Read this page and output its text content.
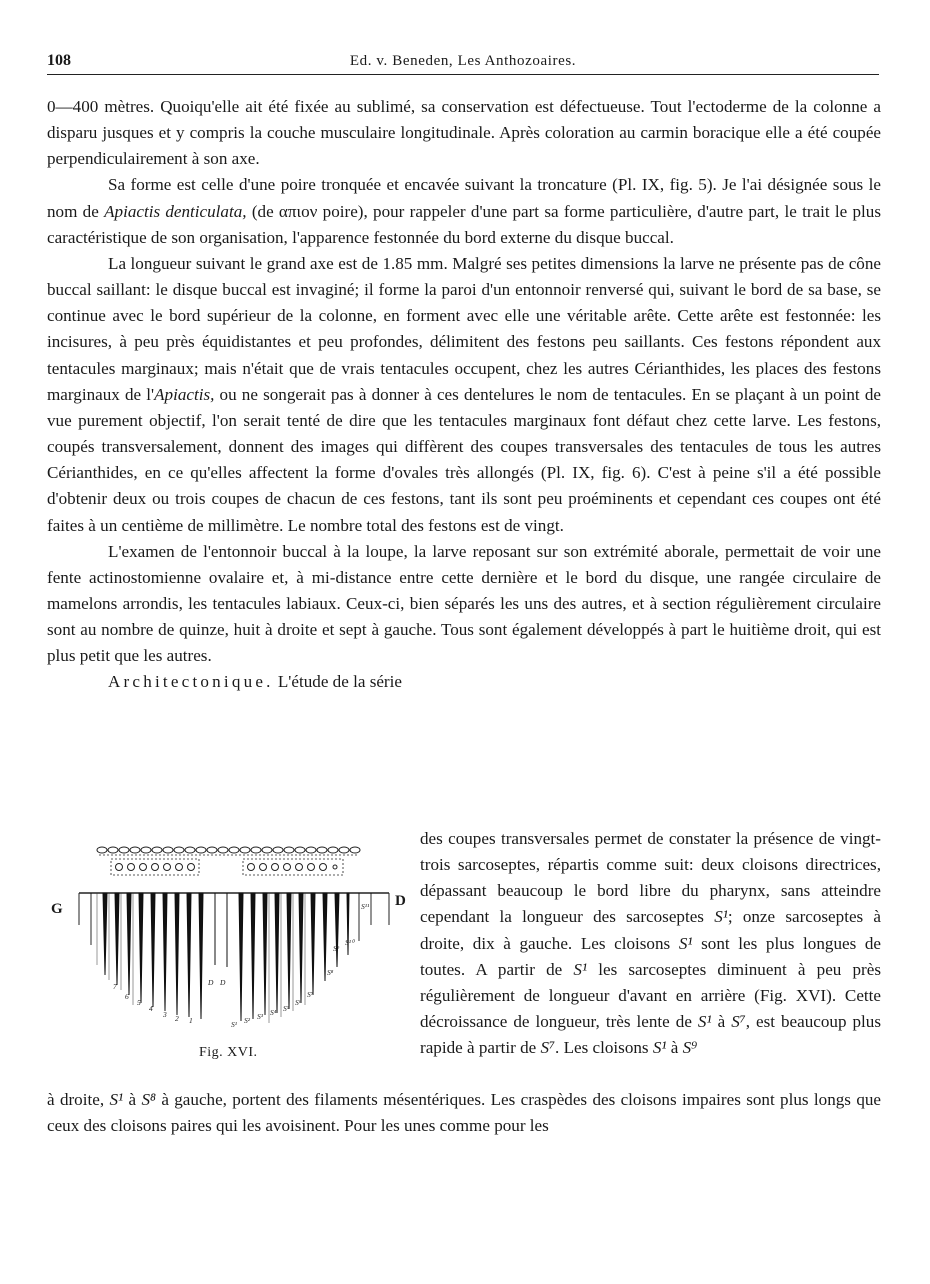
108	Ed. v. Beneden, Les Anthozoaires.

0—400 mètres. Quoiqu'elle ait été fixée au sublimé, sa conservation est défectueuse. Tout l'ectoderme de la colonne a disparu jusques et y compris la couche musculaire longitudinale. Après coloration au carmin boracique elle a été coupée perpendiculairement à son axe.

Sa forme est celle d'une poire tronquée et encavée suivant la troncature (Pl. IX, fig. 5). Je l'ai désignée sous le nom de Apiactis denticulata, (de απιον poire), pour rappeler d'une part sa forme particulière, d'autre part, le trait le plus caractéristique de son organisation, l'apparence festonnée du bord externe du disque buccal.

La longueur suivant le grand axe est de 1.85 mm. Malgré ses petites dimensions la larve ne présente pas de cône buccal saillant: le disque buccal est invaginé; il forme la paroi d'un entonnoir renversé qui, suivant le bord de sa base, se continue avec le bord supérieur de la colonne, en forment avec elle une véritable arête. Cette arête est festonnée: les incisures, à peu près équidistantes et peu profondes, délimitent des festons peu saillants. Ces festons répondent aux tentacules marginaux; mais n'était que de vrais tentacules occupent, chez les autres Cérianthides, les places des festons marginaux de l'Apiactis, ou ne songerait pas à donner à ces dentelures le nom de tentacules. En se plaçant à un point de vue purement objectif, l'on serait tenté de dire que les tentacules marginaux font défaut chez cette larve. Les festons, coupés transversalement, donnent des images qui diffèrent des coupes transversales des tentacules de tous les autres Cérianthides, en ce qu'elles affectent la forme d'ovales très allongés (Pl. IX, fig. 6). C'est à peine s'il a été possible d'obtenir deux ou trois coupes de chacun de ces festons, tant ils sont peu proéminents et cependant ces coupes ont été faites à un centième de millimètre. Le nombre total des festons est de vingt.

L'examen de l'entonnoir buccal à la loupe, la larve reposant sur son extrémité aborale, permettait de voir une fente actinostomienne ovalaire et, à mi-distance entre cette dernière et le bord du disque, une rangée circulaire de mamelons arrondis, les tentacules labiaux. Ceux-ci, bien séparés les uns des autres, et à section régulièrement circulaire sont au nombre de quinze, huit à droite et sept à gauche. Tous sont également développés à part le huitième droit, qui est plus petit que les autres.

Architectonique. L'étude de la série

G	D
D D
S¹ S² S³ S⁴ S⁵
S⁶
S⁷
S⁸
S⁹
S¹⁰
S¹¹
1
2
3
4
5
6
7
Fig. XVI.
des coupes transversales permet de constater la présence de vingt-trois sarcoseptes, répartis comme suit: deux cloisons directrices, dépassant beaucoup le bord libre du pharynx, sans atteindre cependant la longueur des sarcoseptes S¹; onze sarcoseptes à droite, dix à gauche. Les cloisons S¹ sont les plus longues de toutes. A partir de S¹ les sarcoseptes diminuent à peu près régulièrement de longueur d'avant en arrière (Fig. XVI). Cette décroissance de longueur, très lente de S¹ à S⁷, est beaucoup plus rapide à partir de S⁷. Les cloisons S¹ à S⁹
à droite, S¹ à S⁸ à gauche, portent des filaments mésentériques. Les craspèdes des cloisons impaires sont plus longs que ceux des cloisons paires qui les avoisinent. Pour les unes comme pour les
